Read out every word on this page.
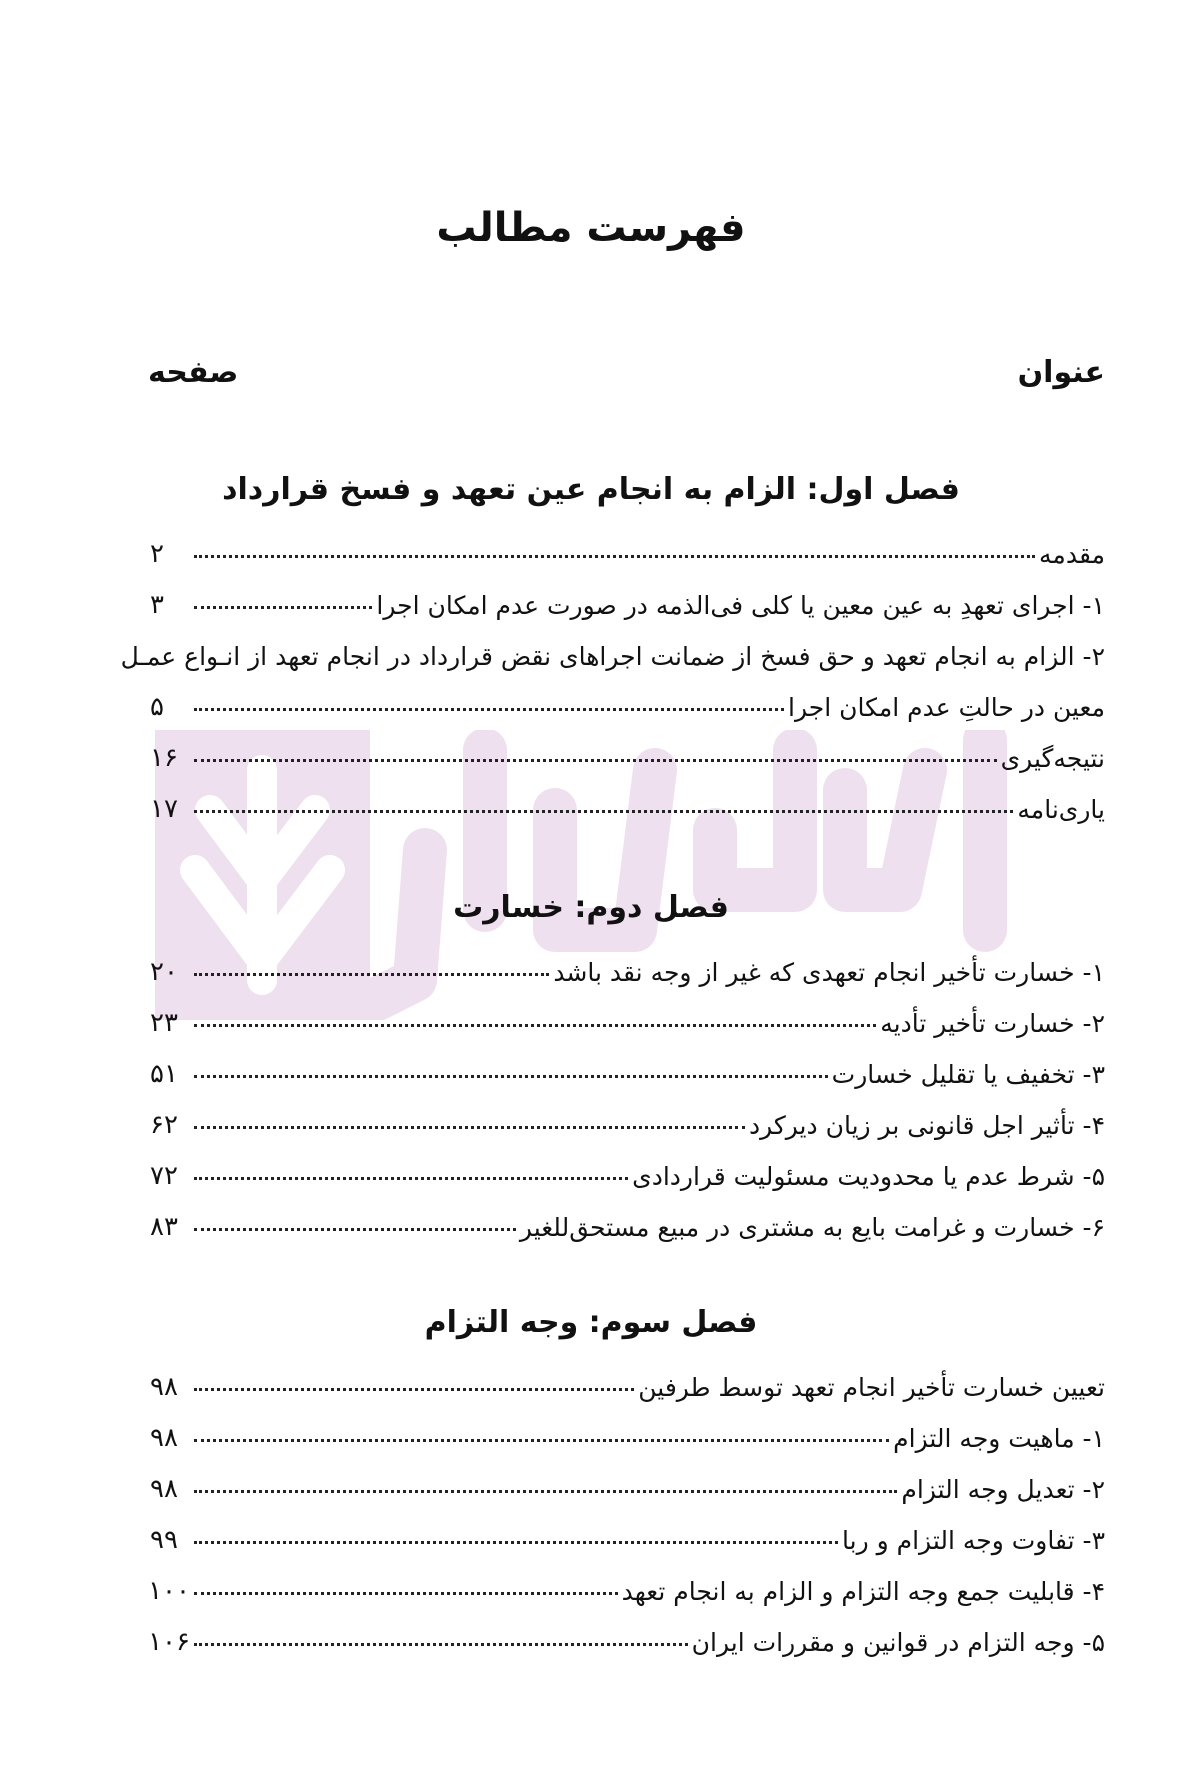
فهرست مطالب
عنوان
صفحه
فصل اول: الزام به انجام عین تعهد و فسخ قرارداد
مقدمه
۲
۱- اجرای تعهدِ به عین معین یا کلی فی‌الذمه در صورت عدم امکان اجرا
۳
۲- الزام به انجام تعهد و حق فسخ از ضمانت اجراهای نقض قرارداد در انجام تعهد از انـواع عمـل
معین در حالتِ عدم امکان اجرا
۵
نتیجه‌گیری
۱۶
یاری‌نامه
۱۷
فصل دوم: خسارت
۱- خسارت تأخیر انجام تعهدی که غیر از وجه نقد باشد
۲۰
۲- خسارت تأخیر تأدیه
۲۳
۳- تخفیف یا تقلیل خسارت
۵۱
۴- تأثیر اجل قانونی بر زیان دیرکرد
۶۲
۵- شرط عدم یا محدودیت مسئولیت قراردادی
۷۲
۶- خسارت و غرامت بایع به مشتری در مبیع مستحق‌للغیر
۸۳
فصل سوم: وجه التزام
تعیین خسارت تأخیر انجام تعهد توسط طرفین
۹۸
۱- ماهیت وجه التزام
۹۸
۲- تعدیل وجه التزام
۹۸
۳- تفاوت وجه التزام و ربا
۹۹
۴- قابلیت جمع وجه التزام و الزام به انجام تعهد
۱۰۰
۵- وجه التزام در قوانین و مقررات ایران
۱۰۶
